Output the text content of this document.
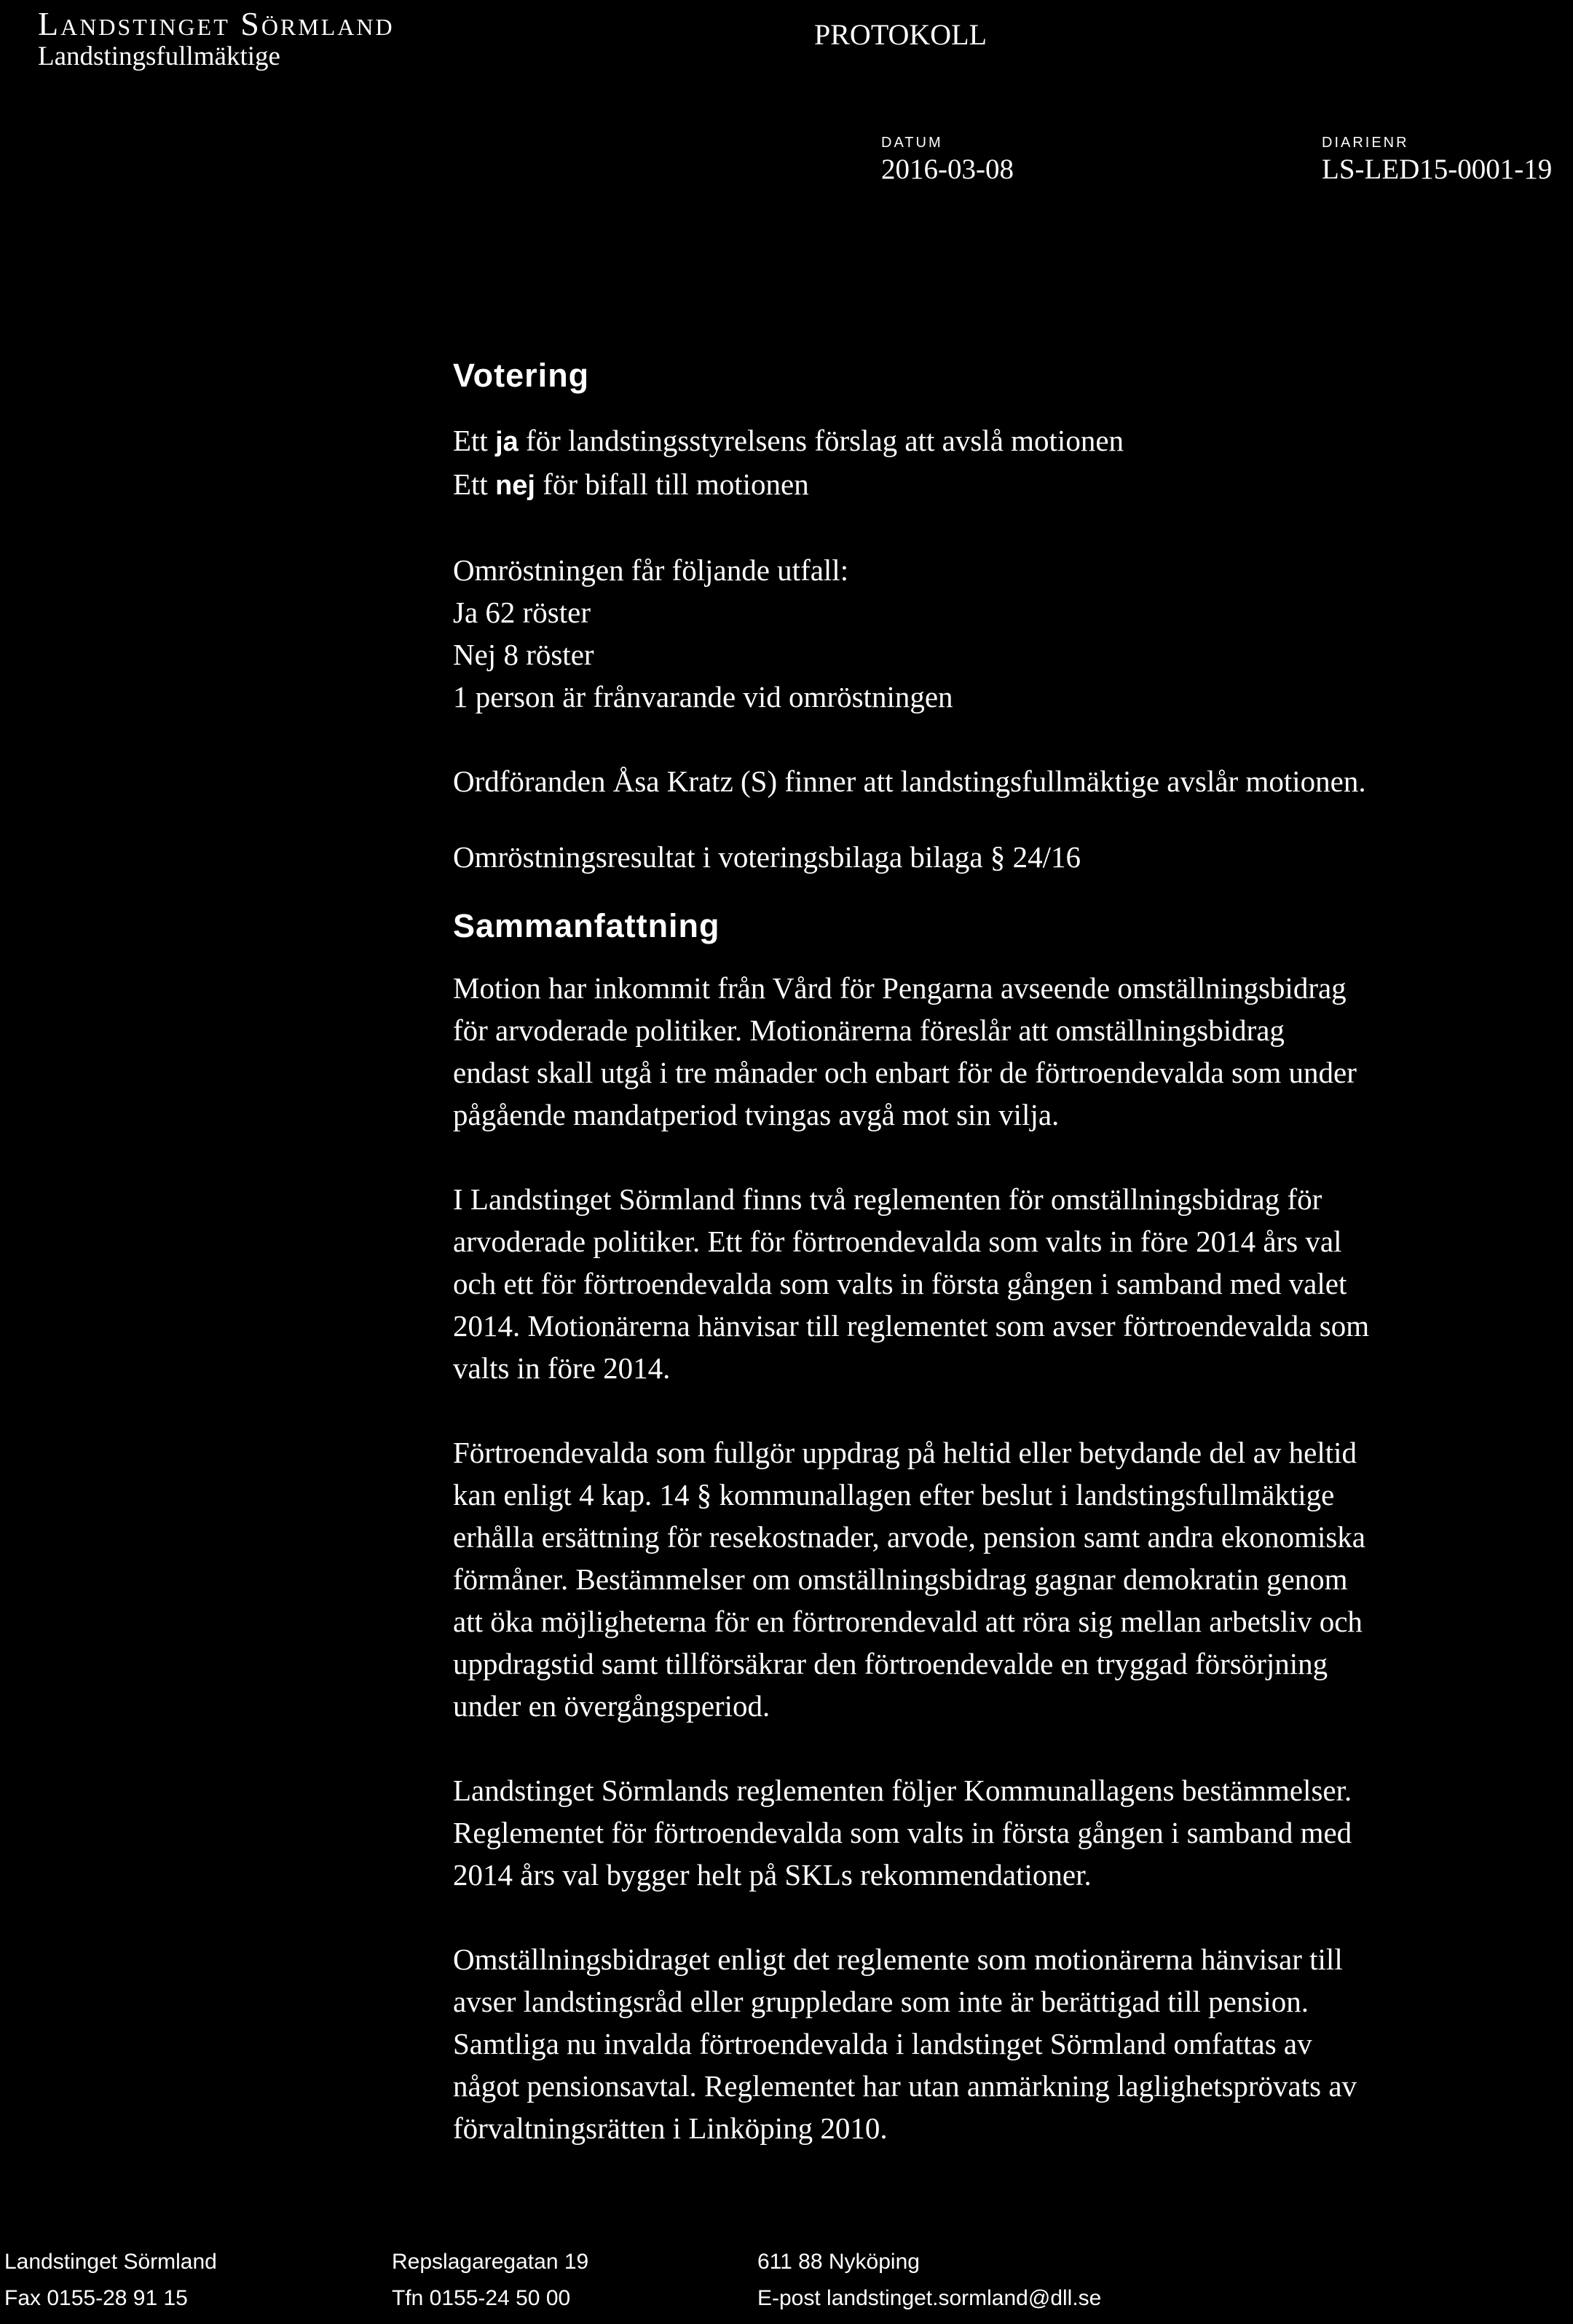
Landstinget Sörmland
Landstingsfullmäktige
PROTOKOLL
DATUM
2016-03-08
DIARIENR
LS-LED15-0001-19
Votering
Ett ja för landstingsstyrelsens förslag att avslå motionen
Ett nej för bifall till motionen
Omröstningen får följande utfall:
Ja 62 röster
Nej 8 röster
1 person är frånvarande vid omröstningen
Ordföranden Åsa Kratz (S) finner att landstingsfullmäktige avslår motionen.
Omröstningsresultat i voteringsbilaga bilaga § 24/16
Sammanfattning
Motion har inkommit från Vård för Pengarna avseende omställningsbidrag
för arvoderade politiker. Motionärerna föreslår att omställningsbidrag
endast skall utgå i tre månader och enbart för de förtroendevalda som under
pågående mandatperiod tvingas avgå mot sin vilja.
I Landstinget Sörmland finns två reglementen för omställningsbidrag för
arvoderade politiker. Ett för förtroendevalda som valts in före 2014 års val
och ett för förtroendevalda som valts in första gången i samband med valet
2014. Motionärerna hänvisar till reglementet som avser förtroendevalda som
valts in före 2014.
Förtroendevalda som fullgör uppdrag på heltid eller betydande del av heltid
kan enligt 4 kap. 14 § kommunallagen efter beslut i landstingsfullmäktige
erhålla ersättning för resekostnader, arvode, pension samt andra ekonomiska
förmåner. Bestämmelser om omställningsbidrag gagnar demokratin genom
att öka möjligheterna för en förtrorendevald att röra sig mellan arbetsliv och
uppdragstid samt tillförsäkrar den förtroendevalde en tryggad försörjning
under en övergångsperiod.
Landstinget Sörmlands reglementen följer Kommunallagens bestämmelser.
Reglementet för förtroendevalda som valts in första gången i samband med
2014 års val bygger helt på SKLs rekommendationer.
Omställningsbidraget enligt det reglemente som motionärerna hänvisar till
avser landstingsråd eller gruppledare som inte är berättigad till pension.
Samtliga nu invalda förtroendevalda i landstinget Sörmland omfattas av
något pensionsavtal. Reglementet har utan anmärkning laglighetsprövats av
förvaltningsrätten i Linköping 2010.
Landstinget Sörmland
Fax 0155-28 91 15
Repslagaregatan 19
Tfn 0155-24 50 00
611 88 Nyköping
E-post landstinget.sormland@dll.se
